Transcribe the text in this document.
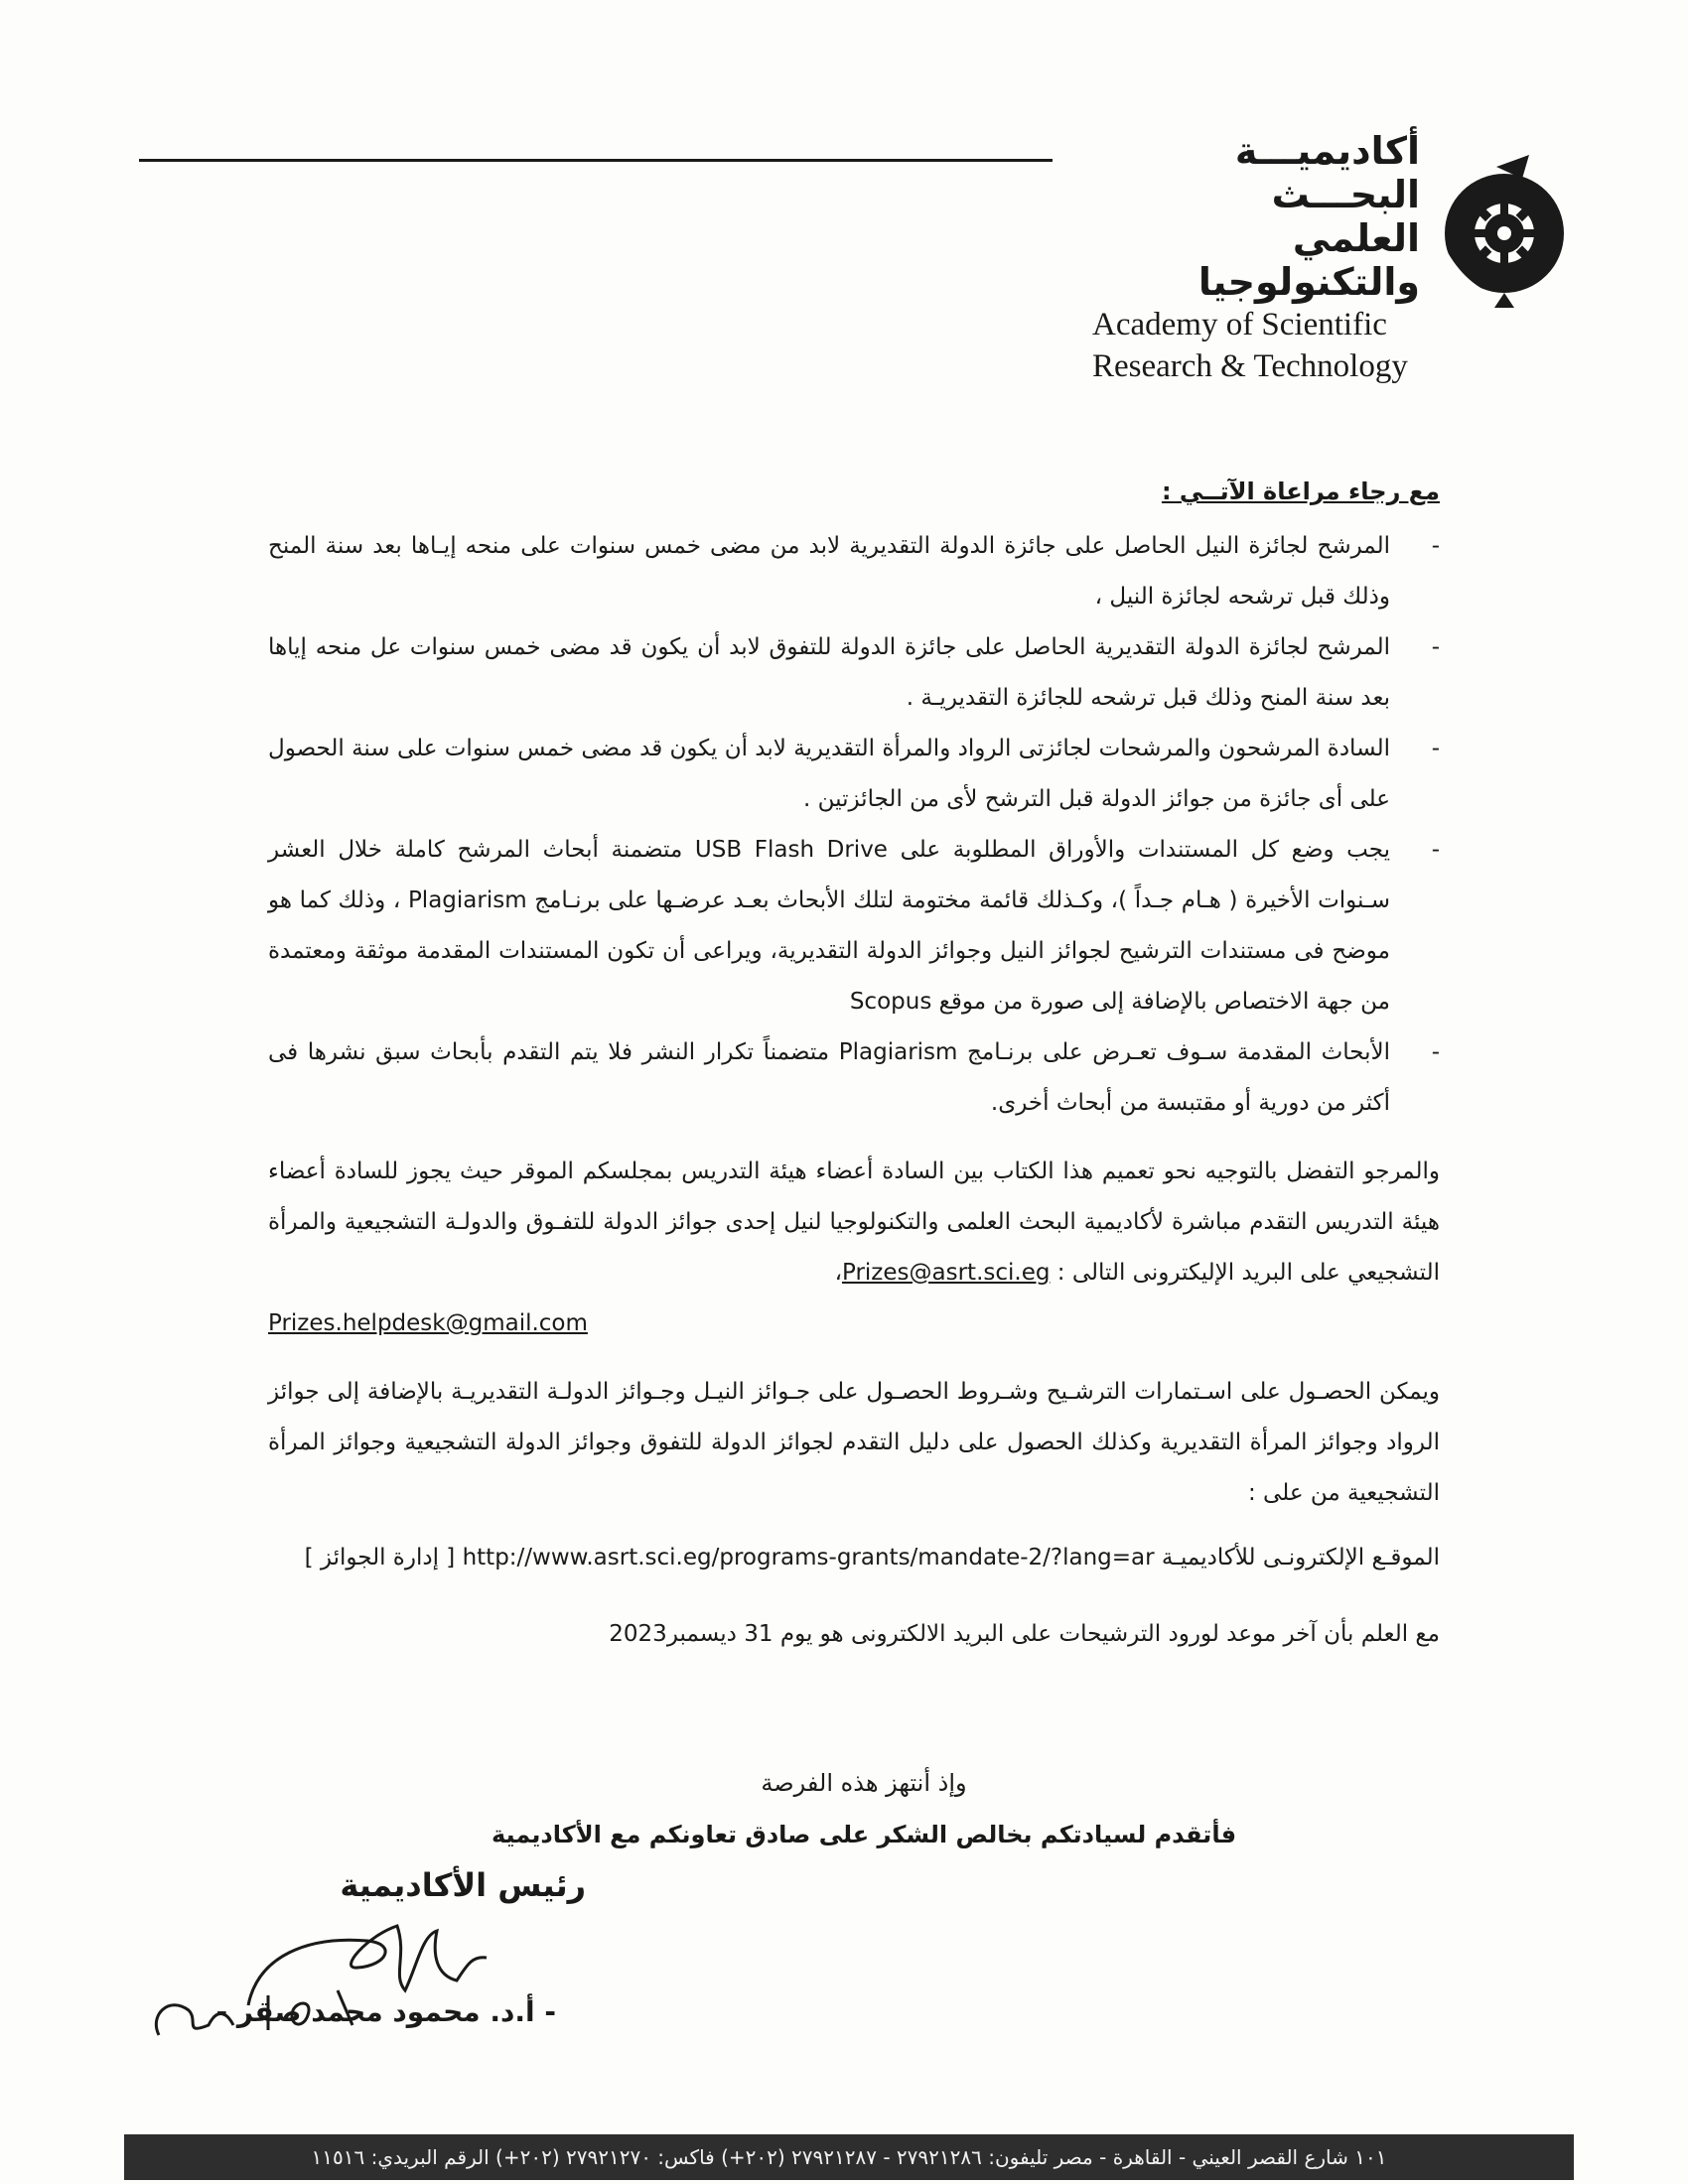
أكاديميـــة البحـــث
العلمي والتكنولوجيا
Academy of Scientific
Research & Technology

مع رجاء مراعاة الآتــي :

-
المرشح لجائزة النيل الحاصل على جائزة الدولة التقديرية لابد من مضى خمس سنوات على منحه إيـاها بعد سنة المنح وذلك قبل ترشحه لجائزة النيل ،
-
المرشح لجائزة الدولة التقديرية الحاصل على جائزة الدولة للتفوق لابد أن يكون قد مضى خمس سنوات عل منحه إياها بعد سنة المنح وذلك قبل ترشحه للجائزة التقديريـة .
-
السادة المرشحون والمرشحات لجائزتى الرواد والمرأة التقديرية لابد أن يكون قد مضى خمس سنوات على سنة الحصول على أى جائزة من جوائز الدولة قبل الترشح لأى من الجائزتين .
-
يجب وضع كل المستندات والأوراق المطلوبة على USB Flash Drive متضمنة أبحاث المرشح كاملة خلال العشر سـنوات الأخيرة ( هـام جـداً )، وكـذلك قائمة مختومة لتلك الأبحاث بعـد عرضـها على برنـامج Plagiarism ، وذلك كما هو موضح فى مستندات الترشيح لجوائز النيل وجوائز الدولة التقديرية، ويراعى أن تكون المستندات المقدمة موثقة ومعتمدة من جهة الاختصاص بالإضافة إلى صورة من موقع Scopus
-
الأبحاث المقدمة سـوف تعـرض على برنـامج Plagiarism متضمناً تكرار النشر فلا يتم التقدم بأبحاث سبق نشرها فى أكثر من دورية أو مقتبسة من أبحاث أخرى.

والمرجو التفضل بالتوجيه نحو تعميم هذا الكتاب بين السادة أعضاء هيئة التدريس بمجلسكم الموقر حيث يجوز للسادة أعضاء هيئة التدريس التقدم مباشرة لأكاديمية البحث العلمى والتكنولوجيا لنيل إحدى جوائز الدولة للتفـوق والدولـة التشجيعية والمرأة التشجيعي على البريد الإليكترونى التالى : Prizes@asrt.sci.eg،

Prizes.helpdesk@gmail.com

ويمكن الحصـول على اسـتمارات الترشـيح وشـروط الحصـول على جـوائز النيـل وجـوائز الدولـة التقديريـة بالإضافة إلى جوائز الرواد وجوائز المرأة التقديرية وكذلك الحصول على دليل التقدم لجوائز الدولة للتفوق وجوائز الدولة التشجيعية وجوائز المرأة التشجيعية من على :

الموقـع الإلكترونـى للأكاديميـة http://www.asrt.sci.eg/programs-grants/mandate-2/?lang=ar [ إدارة الجوائز ]

مع العلم بأن آخر موعد لورود الترشيحات على البريد الالكترونى هو يوم 31 ديسمبر2023

وإذ أنتهز هذه الفرصة
فأتقدم لسيادتكم بخالص الشكر على صادق تعاونكم مع الأكاديمية
رئيس الأكاديمية
- أ.د. محمود محمد صقر -
١٠١ شارع القصر العيني - القاهرة - مصر تليفون: ٢٧٩٢١٢٨٦ - ٢٧٩٢١٢٨٧ (٢٠٢+) فاكس: ٢٧٩٢١٢٧٠ (٢٠٢+) الرقم البريدي: ١١٥١٦
